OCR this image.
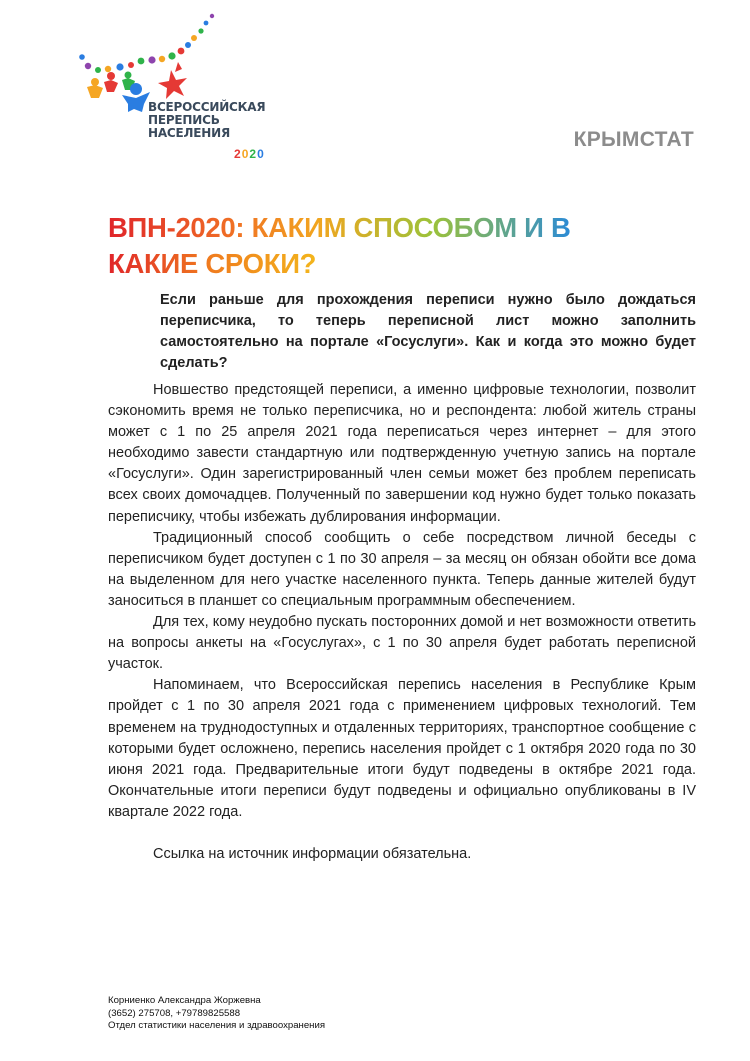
ВСЕРОССИЙСКАЯ
ПЕРЕПИСЬ
НАСЕЛЕНИЯ
2020
КРЫМСТАТ
ВПН-2020: КАКИМ СПОСОБОМ И В
КАКИЕ СРОКИ?
Если раньше для прохождения переписи нужно было дождаться переписчика, то теперь переписной лист можно заполнить самостоятельно на портале «Госуслуги». Как и когда это можно будет сделать?

Новшество предстоящей переписи, а именно цифровые технологии, позволит сэкономить время не только переписчика, но и респондента: любой житель страны может с 1 по 25 апреля 2021 года переписаться через интернет – для этого необходимо завести стандартную или подтвержденную учетную запись на портале «Госуслуги». Один зарегистрированный член семьи может без проблем переписать всех своих домочадцев. Полученный по завершении код нужно будет только показать переписчику, чтобы избежать дублирования информации.

Традиционный способ сообщить о себе посредством личной беседы с переписчиком будет доступен с 1 по 30 апреля – за месяц он обязан обойти все дома на выделенном для него участке населенного пункта. Теперь данные жителей будут заноситься в планшет со специальным программным обеспечением.

Для тех, кому неудобно пускать посторонних домой и нет возможности ответить на вопросы анкеты на «Госуслугах», с 1 по 30 апреля будет работать переписной участок.

Напоминаем, что Всероссийская перепись населения в Республике Крым пройдет с 1 по 30 апреля 2021 года с применением цифровых технологий. Тем временем на труднодоступных и отдаленных территориях, транспортное сообщение с которыми будет осложнено, перепись населения пройдет с 1 октября 2020 года по 30 июня 2021 года. Предварительные итоги будут подведены в октябре 2021 года. Окончательные итоги переписи будут подведены и официально опубликованы в IV квартале 2022 года.

Ссылка на источник информации обязательна.

Корниенко Александра Жоржевна
(3652) 275708, +79789825588
Отдел статистики населения и здравоохранения
